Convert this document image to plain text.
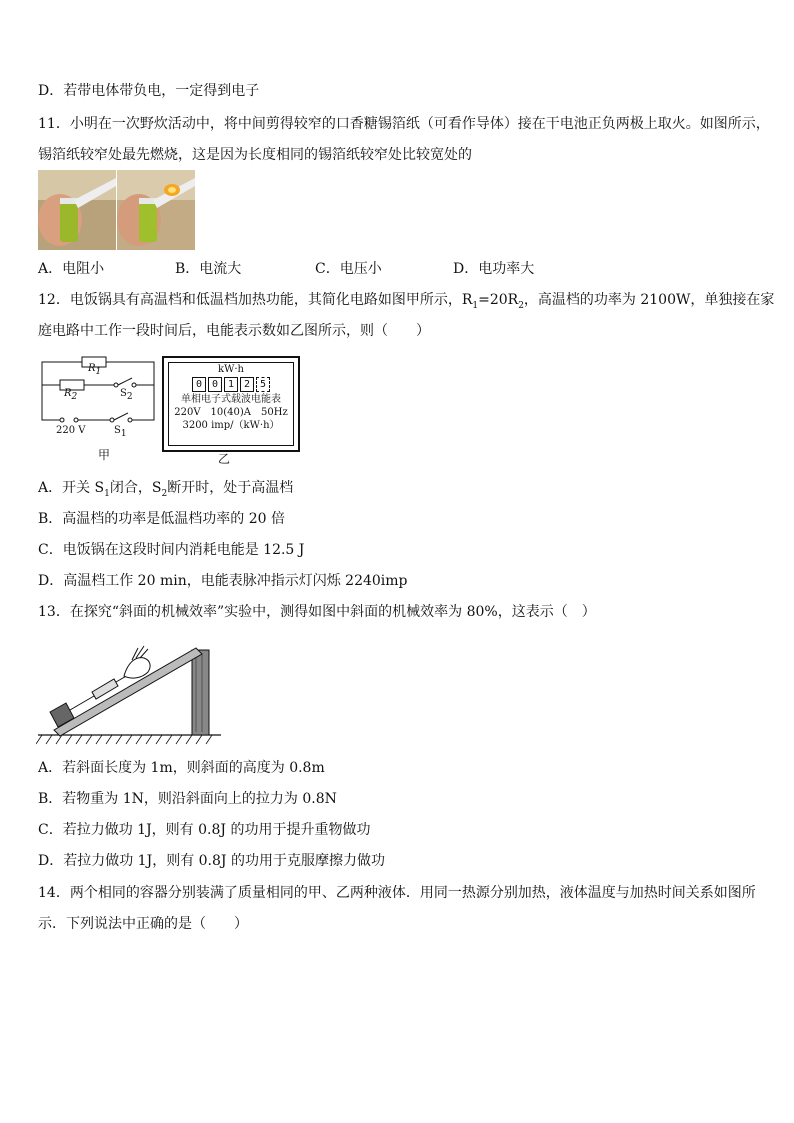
D．若带电体带负电，一定得到电子
11．小明在一次野炊活动中，将中间剪得较窄的口香糖锡箔纸（可看作导体）接在干电池正负两极上取火。如图所示，
锡箔纸较窄处最先燃烧，这是因为长度相同的锡箔纸较窄处比较宽处的
A．电阻小	B．电流大	C．电压小	D．电功率大
12．电饭锅具有高温档和低温档加热功能，其简化电路如图甲所示，$R_1=20R_2$，高温档的功率为 2100W，单独接在家
庭电路中工作一段时间后，电能表示数如乙图所示，则（　　）
$R_1$
$R_2$	$S_2$
220 V	$S_1$
甲
kW·h
0 0 1 2 5
单相电子式载波电能表
220V　10(40)A　50Hz
3200 imp/（kW·h）
乙
A．开关 $S_1$闭合，$S_2$断开时，处于高温档
B．高温档的功率是低温档功率的 20 倍
C．电饭锅在这段时间内消耗电能是 12.5 J
D．高温档工作 20 min，电能表脉冲指示灯闪烁 2240imp
13．在探究“斜面的机械效率”实验中，测得如图中斜面的机械效率为 80%，这表示（　）
A．若斜面长度为 1m，则斜面的高度为 0.8m
B．若物重为 1N，则沿斜面向上的拉力为 0.8N
C．若拉力做功 1J，则有 0.8J 的功用于提升重物做功
D．若拉力做功 1J，则有 0.8J 的功用于克服摩擦力做功
14．两个相同的容器分别装满了质量相同的甲、乙两种液体．用同一热源分别加热，液体温度与加热时间关系如图所
示．下列说法中正确的是（　　）
